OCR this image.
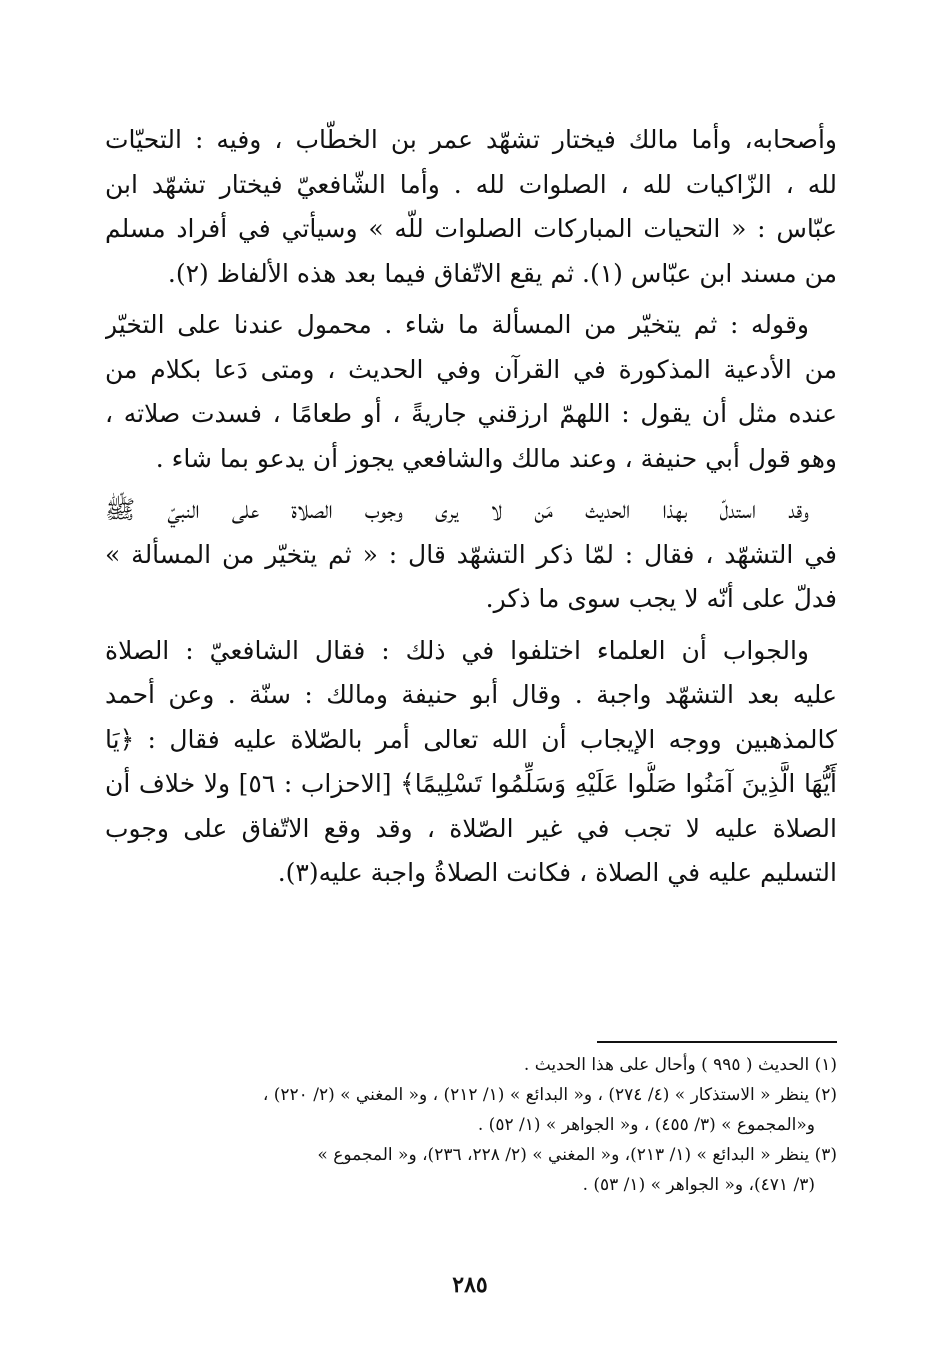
وأصحابه، وأما مالك فيختار تشهّد عمر بن الخطّاب ، وفيه : التحيّات
لله ، الزّاكيات لله ، الصلوات لله . وأما الشّافعيّ فيختار تشهّد ابن
عبّاس : « التحيات المباركات الصلوات للّه » وسيأتي في أفراد مسلم
من مسند ابن عبّاس (١). ثم يقع الاتّفاق فيما بعد هذه الألفاظ (٢).

وقوله : ثم يتخيّر من المسألة ما شاء . محمول عندنا على التخيّر
من الأدعية المذكورة في القرآن وفي الحديث ، ومتى دَعا بكلام من
عنده مثل أن يقول : اللهمّ ارزقني جاريةً ، أو طعامًا ، فسدت صلاته ،
وهو قول أبي حنيفة ، وعند مالك والشافعي يجوز أن يدعو بما شاء .

وقد استدلّ بهذا الحديث مَن لا يرى وجوب الصلاة على النبيّ ﷺ
في التشهّد ، فقال : لمّا ذكر التشهّد قال : « ثم يتخيّر من المسألة »
فدلّ على أنّه لا يجب سوى ما ذكر.

والجواب أن العلماء اختلفوا في ذلك : فقال الشافعيّ : الصلاة
عليه بعد التشهّد واجبة . وقال أبو حنيفة ومالك : سنّة . وعن أحمد
كالمذهبين ووجه الإيجاب أن الله تعالى أمر بالصّلاة عليه فقال : ﴿يَا
أَيُّهَا الَّذِينَ آمَنُوا صَلُّوا عَلَيْهِ وَسَلِّمُوا تَسْلِيمًا﴾ [الاحزاب : ٥٦] ولا خلاف أن
الصلاة عليه لا تجب في غير الصّلاة ، وقد وقع الاتّفاق على وجوب
التسليم عليه في الصلاة ، فكانت الصلاةُ واجبة عليه(٣).

(١) الحديث ( ٩٩٥ ) وأحال على هذا الحديث .
(٢) ينظر « الاستذكار » (٤/ ٢٧٤) ، و« البدائع » (١/ ٢١٢) ، و« المغني » (٢/ ٢٢٠) ،
و«المجموع » (٣/ ٤٥٥) ، و« الجواهر » (١/ ٥٢) .
(٣) ينظر « البدائع » (١/ ٢١٣)، و« المغني » (٢/ ٢٢٨، ٢٣٦)، و« المجموع »
(٣/ ٤٧١)، و« الجواهر » (١/ ٥٣) .
٢٨٥
